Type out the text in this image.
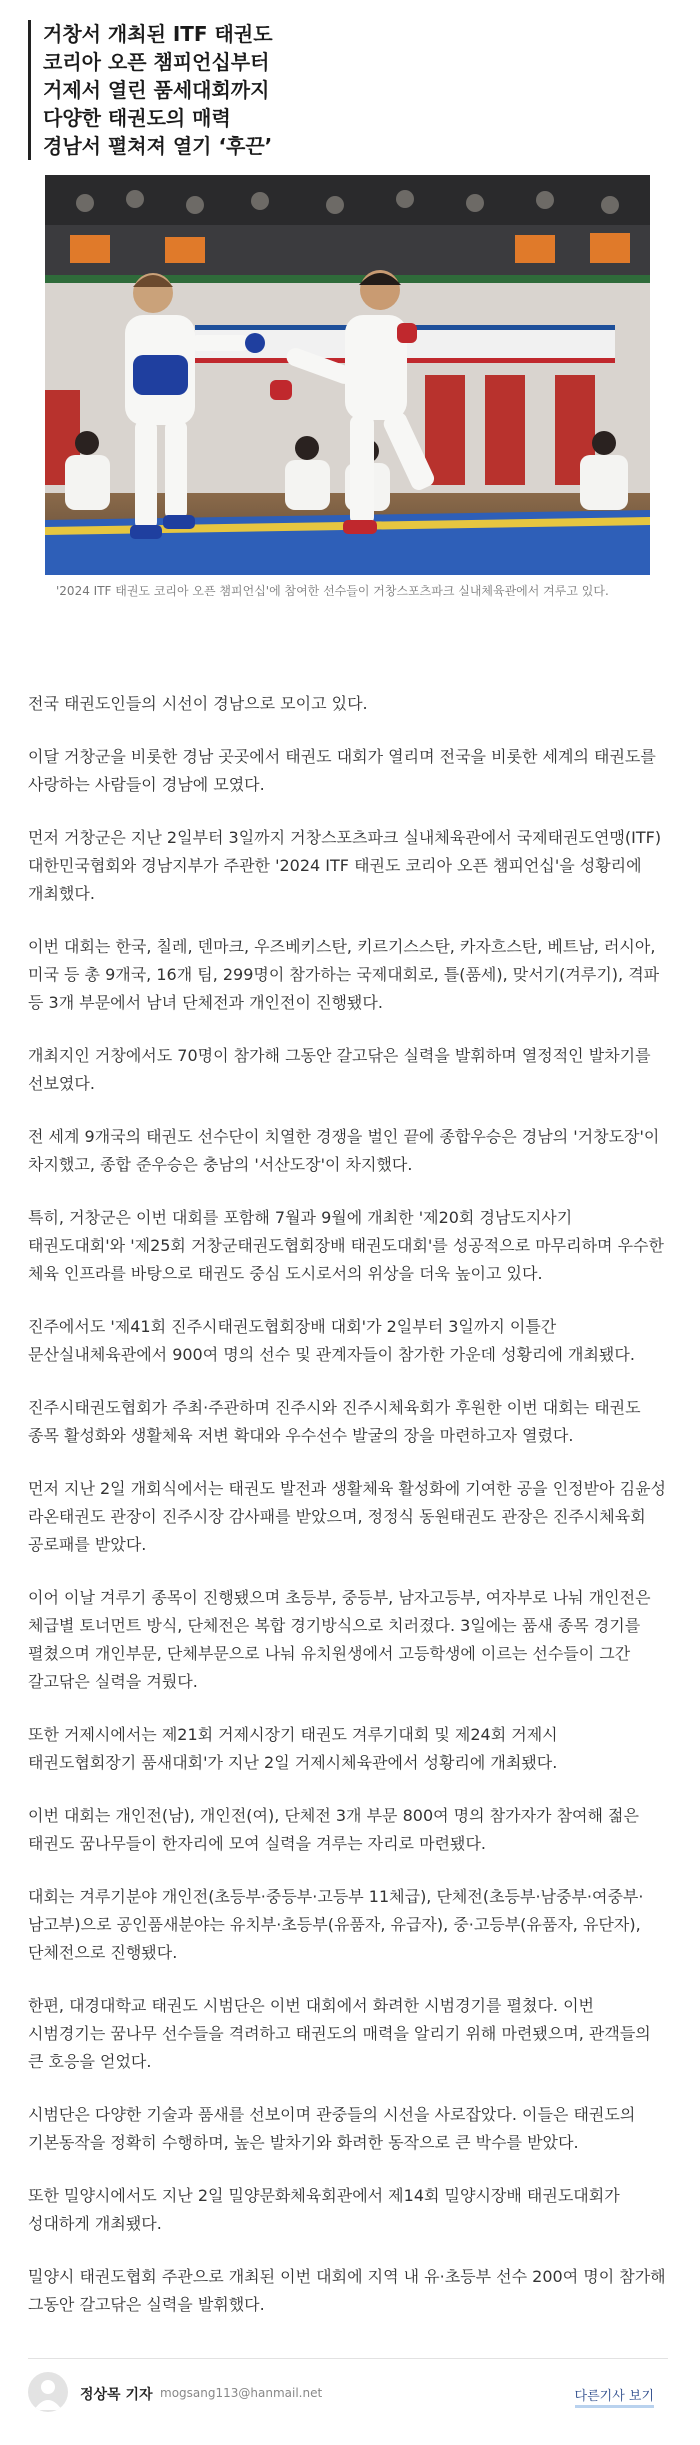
거창서 개최된 ITF 태권도
코리아 오픈 챔피언십부터
거제서 열린 품세대회까지
다양한 태권도의 매력
경남서 펼쳐져 열기 ‘후끈’
'2024 ITF 태권도 코리아 오픈 챔피언십'에 참여한 선수들이 거창스포츠파크 실내체육관에서 겨루고 있다.

전국 태권도인들의 시선이 경남으로 모이고 있다.

이달 거창군을 비롯한 경남 곳곳에서 태권도 대회가 열리며 전국을 비롯한 세계의 태권도를 사랑하는 사람들이 경남에 모였다.

먼저 거창군은 지난 2일부터 3일까지 거창스포츠파크 실내체육관에서 국제태권도연맹(ITF) 대한민국협회와 경남지부가 주관한 '2024 ITF 태권도 코리아 오픈 챔피언십'을 성황리에 개최했다.

이번 대회는 한국, 칠레, 덴마크, 우즈베키스탄, 키르기스스탄, 카자흐스탄, 베트남, 러시아, 미국 등 총 9개국, 16개 팀, 299명이 참가하는 국제대회로, 틀(품세), 맞서기(겨루기), 격파 등 3개 부문에서 남녀 단체전과 개인전이 진행됐다.

개최지인 거창에서도 70명이 참가해 그동안 갈고닦은 실력을 발휘하며 열정적인 발차기를 선보였다.

전 세계 9개국의 태권도 선수단이 치열한 경쟁을 벌인 끝에 종합우승은 경남의 '거창도장'이 차지했고, 종합 준우승은 충남의 '서산도장'이 차지했다.

특히, 거창군은 이번 대회를 포함해 7월과 9월에 개최한 '제20회 경남도지사기 태권도대회'와 '제25회 거창군태권도협회장배 태권도대회'를 성공적으로 마무리하며 우수한 체육 인프라를 바탕으로 태권도 중심 도시로서의 위상을 더욱 높이고 있다.

진주에서도 '제41회 진주시태권도협회장배 대회'가 2일부터 3일까지 이틀간 문산실내체육관에서 900여 명의 선수 및 관계자들이 참가한 가운데 성황리에 개최됐다.

진주시태권도협회가 주최·주관하며 진주시와 진주시체육회가 후원한 이번 대회는 태권도 종목 활성화와 생활체육 저변 확대와 우수선수 발굴의 장을 마련하고자 열렸다.

먼저 지난 2일 개회식에서는 태권도 발전과 생활체육 활성화에 기여한 공을 인정받아 김윤성 라온태권도 관장이 진주시장 감사패를 받았으며, 정정식 동원태권도 관장은 진주시체육회 공로패를 받았다.

이어 이날 겨루기 종목이 진행됐으며 초등부, 중등부, 남자고등부, 여자부로 나눠 개인전은 체급별 토너먼트 방식, 단체전은 복합 경기방식으로 치러졌다. 3일에는 품새 종목 경기를 펼쳤으며 개인부문, 단체부문으로 나눠 유치원생에서 고등학생에 이르는 선수들이 그간 갈고닦은 실력을 겨뤘다.

또한 거제시에서는 제21회 거제시장기 태권도 겨루기대회 및 제24회 거제시 태권도협회장기 품새대회'가 지난 2일 거제시체육관에서 성황리에 개최됐다.

이번 대회는 개인전(남), 개인전(여), 단체전 3개 부문 800여 명의 참가자가 참여해 젊은 태권도 꿈나무들이 한자리에 모여 실력을 겨루는 자리로 마련됐다.

대회는 겨루기분야 개인전(초등부·중등부·고등부 11체급), 단체전(초등부·남중부·여중부·남고부)으로 공인품새분야는 유치부·초등부(유품자, 유급자), 중·고등부(유품자, 유단자), 단체전으로 진행됐다.

한편, 대경대학교 태권도 시범단은 이번 대회에서 화려한 시범경기를 펼쳤다. 이번 시범경기는 꿈나무 선수들을 격려하고 태권도의 매력을 알리기 위해 마련됐으며, 관객들의 큰 호응을 얻었다.

시범단은 다양한 기술과 품새를 선보이며 관중들의 시선을 사로잡았다. 이들은 태권도의 기본동작을 정확히 수행하며, 높은 발차기와 화려한 동작으로 큰 박수를 받았다.

또한 밀양시에서도 지난 2일 밀양문화체육회관에서 제14회 밀양시장배 태권도대회가 성대하게 개최됐다.

밀양시 태권도협회 주관으로 개최된 이번 대회에 지역 내 유·초등부 선수 200여 명이 참가해 그동안 갈고닦은 실력을 발휘했다.

정상목 기자 mogsang113@hanmail.net	다른기사 보기
